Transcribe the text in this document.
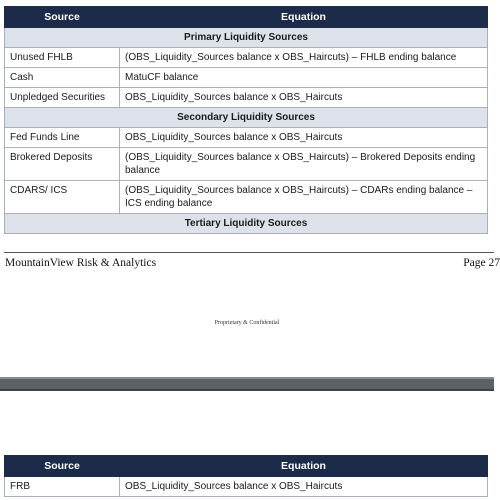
Source	Equation
Primary Liquidity Sources	
Unused FHLB	(OBS_Liquidity_Sources balance x OBS_Haircuts) – FHLB ending balance
Cash	MatuCF balance
Unpledged Securities	OBS_Liquidity_Sources balance x OBS_Haircuts
Secondary Liquidity Sources	
Fed Funds Line	OBS_Liquidity_Sources balance x OBS_Haircuts
Brokered Deposits	(OBS_Liquidity_Sources balance x OBS_Haircuts) – Brokered Deposits ending balance
CDARS/ ICS	(OBS_Liquidity_Sources balance x OBS_Haircuts) – CDARs ending balance – ICS ending balance
Tertiary Liquidity Sources	
MountainView Risk & Analytics	Page 27
Proprietary & Confidential
Source	Equation
FRB	OBS_Liquidity_Sources balance x OBS_Haircuts
